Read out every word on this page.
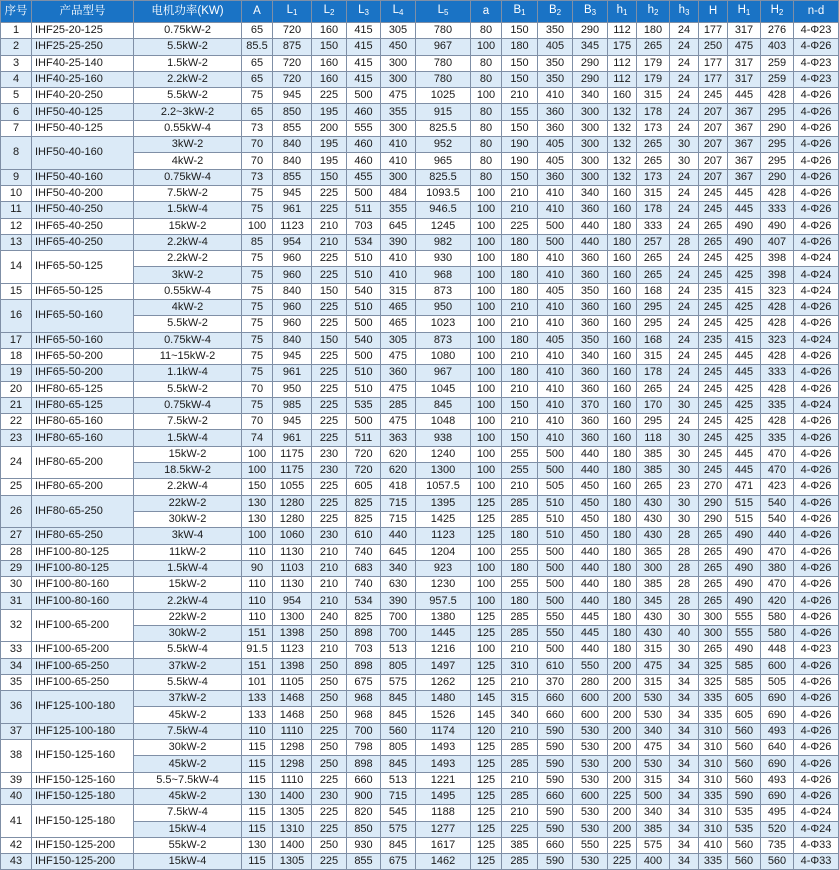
序号	产品型号	电机功率(KW)	A	$L_1$	$L_2$	$L_3$	$L_4$	$L_5$	a	$B_1$	$B_2$	$B_3$	$h_1$	$h_2$	$h_3$	H	$H_1$	$H_2$	n-d
1	IHF25-20-125	0.75kW-2	65	720	160	415	305	780	80	150	350	290	112	180	24	177	317	276	4-Φ23
2	IHF25-25-250	5.5kW-2	85.5	875	150	415	450	967	100	180	405	345	175	265	24	250	475	403	4-Φ26
3	IHF40-25-140	1.5kW-2	65	720	160	415	300	780	80	150	350	290	112	179	24	177	317	259	4-Φ23
4	IHF40-25-160	2.2kW-2	65	720	160	415	300	780	80	150	350	290	112	179	24	177	317	259	4-Φ23
5	IHF40-20-250	5.5kW-2	75	945	225	500	475	1025	100	210	410	340	160	315	24	245	445	428	4-Φ26
6	IHF50-40-125	2.2~3kW-2	65	850	195	460	355	915	80	155	360	300	132	178	24	207	367	295	4-Φ26
7	IHF50-40-125	0.55kW-4	73	855	200	555	300	825.5	80	150	360	300	132	173	24	207	367	290	4-Φ26
8	IHF50-40-160	3kW-2	70	840	195	460	410	952	80	190	405	300	132	265	30	207	367	295	4-Φ26
		4kW-2	70	840	195	460	410	965	80	190	405	300	132	265	30	207	367	295	4-Φ26
9	IHF50-40-160	0.75kW-4	73	855	150	455	300	825.5	80	150	360	300	132	173	24	207	367	290	4-Φ26
10	IHF50-40-200	7.5kW-2	75	945	225	500	484	1093.5	100	210	410	340	160	315	24	245	445	428	4-Φ26
11	IHF50-40-250	1.5kW-4	75	961	225	511	355	946.5	100	210	410	360	160	178	24	245	445	333	4-Φ26
12	IHF65-40-250	15kW-2	100	1123	210	703	645	1245	100	225	500	440	180	333	24	265	490	490	4-Φ26
13	IHF65-40-250	2.2kW-4	85	954	210	534	390	982	100	180	500	440	180	257	28	265	490	407	4-Φ26
14	IHF65-50-125	2.2kW-2	75	960	225	510	410	930	100	180	410	360	160	265	24	245	425	398	4-Φ24
		3kW-2	75	960	225	510	410	968	100	180	410	360	160	265	24	245	425	398	4-Φ24
15	IHF65-50-125	0.55kW-4	75	840	150	540	315	873	100	180	405	350	160	168	24	235	415	323	4-Φ24
16	IHF65-50-160	4kW-2	75	960	225	510	465	950	100	210	410	360	160	295	24	245	425	428	4-Φ26
		5.5kW-2	75	960	225	500	465	1023	100	210	410	360	160	295	24	245	425	428	4-Φ26
17	IHF65-50-160	0.75kW-4	75	840	150	540	305	873	100	180	405	350	160	168	24	235	415	323	4-Φ24
18	IHF65-50-200	11~15kW-2	75	945	225	500	475	1080	100	210	410	340	160	315	24	245	445	428	4-Φ26
19	IHF65-50-200	1.1kW-4	75	961	225	510	360	967	100	180	410	360	160	178	24	245	445	333	4-Φ26
20	IHF80-65-125	5.5kW-2	70	950	225	510	475	1045	100	210	410	360	160	265	24	245	425	428	4-Φ26
21	IHF80-65-125	0.75kW-4	75	985	225	535	285	845	100	150	410	370	160	170	30	245	425	335	4-Φ24
22	IHF80-65-160	7.5kW-2	70	945	225	500	475	1048	100	210	410	360	160	295	24	245	425	428	4-Φ26
23	IHF80-65-160	1.5kW-4	74	961	225	511	363	938	100	150	410	360	160	118	30	245	425	335	4-Φ26
24	IHF80-65-200	15kW-2	100	1175	230	720	620	1240	100	255	500	440	180	385	30	245	445	470	4-Φ26
		18.5kW-2	100	1175	230	720	620	1300	100	255	500	440	180	385	30	245	445	470	4-Φ26
25	IHF80-65-200	2.2kW-4	150	1055	225	605	418	1057.5	100	210	505	450	160	265	23	270	471	423	4-Φ26
26	IHF80-65-250	22kW-2	130	1280	225	825	715	1395	125	285	510	450	180	430	30	290	515	540	4-Φ26
		30kW-2	130	1280	225	825	715	1425	125	285	510	450	180	430	30	290	515	540	4-Φ26
27	IHF80-65-250	3kW-4	100	1060	230	610	440	1123	125	180	510	450	180	430	28	265	490	440	4-Φ26
28	IHF100-80-125	11kW-2	110	1130	210	740	645	1204	100	255	500	440	180	365	28	265	490	470	4-Φ26
29	IHF100-80-125	1.5kW-4	90	1103	210	683	340	923	100	180	500	440	180	300	28	265	490	380	4-Φ26
30	IHF100-80-160	15kW-2	110	1130	210	740	630	1230	100	255	500	440	180	385	28	265	490	470	4-Φ26
31	IHF100-80-160	2.2kW-4	110	954	210	534	390	957.5	100	180	500	440	180	345	28	265	490	420	4-Φ26
32	IHF100-65-200	22kW-2	110	1300	240	825	700	1380	125	285	550	445	180	430	30	300	555	580	4-Φ26
		30kW-2	151	1398	250	898	700	1445	125	285	550	445	180	430	40	300	555	580	4-Φ26
33	IHF100-65-200	5.5kW-4	91.5	1123	210	703	513	1216	100	210	500	440	180	315	30	265	490	448	4-Φ23
34	IHF100-65-250	37kW-2	151	1398	250	898	805	1497	125	310	610	550	200	475	34	325	585	600	4-Φ26
35	IHF100-65-250	5.5kW-4	101	1105	250	675	575	1262	125	210	370	280	200	315	34	325	585	505	4-Φ26
36	IHF125-100-180	37kW-2	133	1468	250	968	845	1480	145	315	660	600	200	530	34	335	605	690	4-Φ26
		45kW-2	133	1468	250	968	845	1526	145	340	660	600	200	530	34	335	605	690	4-Φ26
37	IHF125-100-180	7.5kW-4	110	1110	225	700	560	1174	120	210	590	530	200	340	34	310	560	493	4-Φ26
38	IHF150-125-160	30kW-2	115	1298	250	798	805	1493	125	285	590	530	200	475	34	310	560	640	4-Φ26
		45kW-2	115	1298	250	898	845	1493	125	285	590	530	200	530	34	310	560	690	4-Φ26
39	IHF150-125-160	5.5~7.5kW-4	115	1110	225	660	513	1221	125	210	590	530	200	315	34	310	560	493	4-Φ26
40	IHF150-125-180	45kW-2	130	1400	230	900	715	1495	125	285	660	600	225	500	34	335	590	690	4-Φ26
41	IHF150-125-180	7.5kW-4	115	1305	225	820	545	1188	125	210	590	530	200	340	34	310	535	495	4-Φ24
		15kW-4	115	1310	225	850	575	1277	125	225	590	530	200	385	34	310	535	520	4-Φ24
42	IHF150-125-200	55kW-2	130	1400	250	930	845	1617	125	385	660	550	225	575	34	410	560	735	4-Φ33
43	IHF150-125-200	15kW-4	115	1305	225	855	675	1462	125	285	590	530	225	400	34	335	560	560	4-Φ33
